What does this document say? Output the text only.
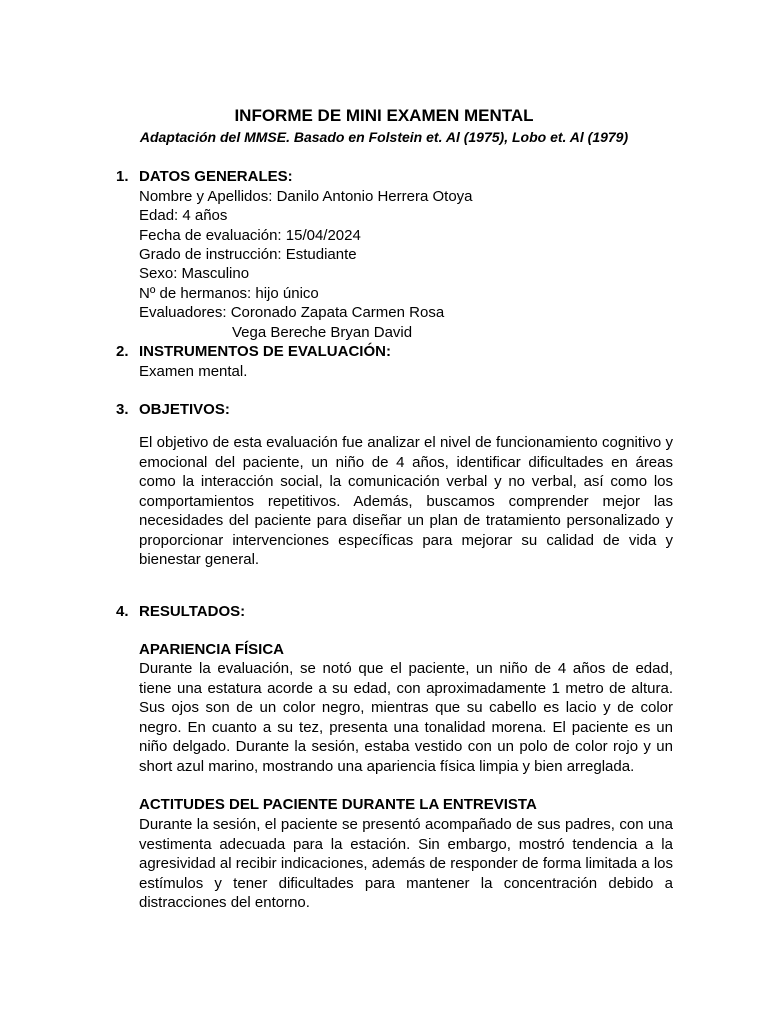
INFORME DE MINI EXAMEN MENTAL
Adaptación del MMSE. Basado en Folstein et. Al (1975), Lobo et. Al (1979)
1. DATOS GENERALES:
Nombre y Apellidos: Danilo Antonio Herrera Otoya
Edad: 4 años
Fecha de evaluación: 15/04/2024
Grado de instrucción: Estudiante
Sexo: Masculino
Nº de hermanos: hijo único
Evaluadores: Coronado Zapata Carmen Rosa
Vega Bereche Bryan David
2. INSTRUMENTOS DE EVALUACIÓN:
Examen mental.
3. OBJETIVOS:

El objetivo de esta evaluación fue analizar el nivel de funcionamiento cognitivo y emocional del paciente, un niño de 4 años, identificar dificultades en áreas como la interacción social, la comunicación verbal y no verbal, así como los comportamientos repetitivos. Además, buscamos comprender mejor las necesidades del paciente para diseñar un plan de tratamiento personalizado y proporcionar intervenciones específicas para mejorar su calidad de vida y bienestar general.

4. RESULTADOS:
APARIENCIA FÍSICA

Durante la evaluación, se notó que el paciente, un niño de 4 años de edad, tiene una estatura acorde a su edad, con aproximadamente 1 metro de altura. Sus ojos son de un color negro, mientras que su cabello es lacio y de color negro. En cuanto a su tez, presenta una tonalidad morena. El paciente es un niño delgado. Durante la sesión, estaba vestido con un polo de color rojo y un short azul marino, mostrando una apariencia física limpia y bien arreglada.

ACTITUDES DEL PACIENTE DURANTE LA ENTREVISTA

Durante la sesión, el paciente se presentó acompañado de sus padres, con una vestimenta adecuada para la estación. Sin embargo, mostró tendencia a la agresividad al recibir indicaciones, además de responder de forma limitada a los estímulos y tener dificultades para mantener la concentración debido a distracciones del entorno.
